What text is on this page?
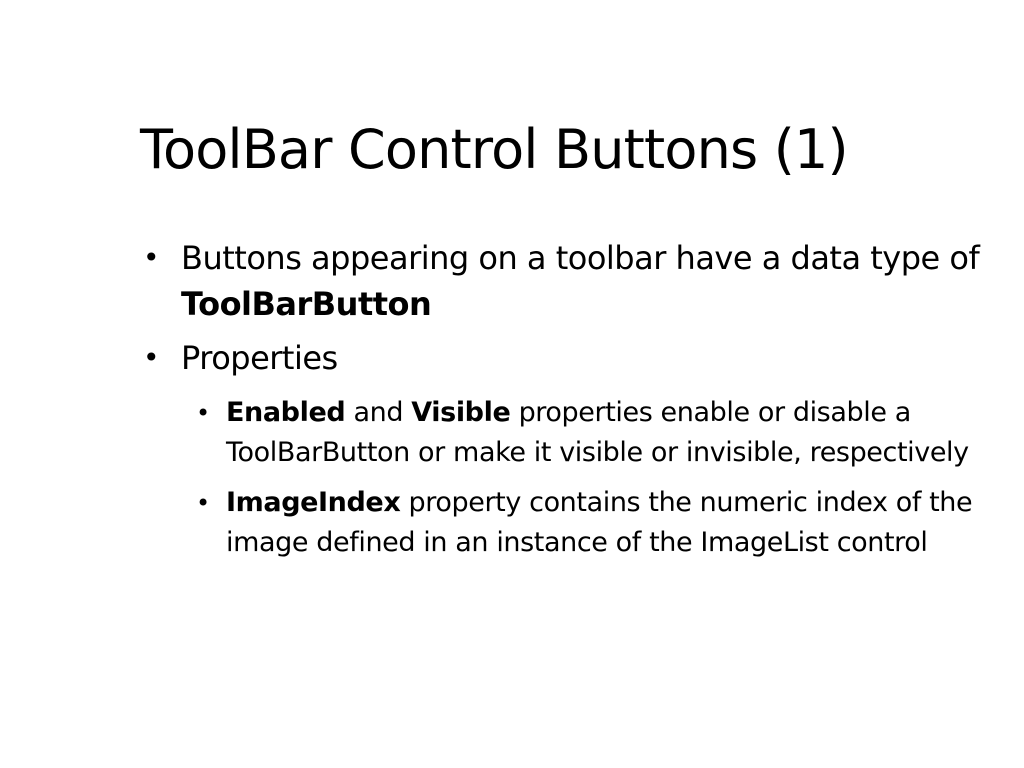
ToolBar Control Buttons (1)
• Buttons appearing on a toolbar have a data type of ToolBarButton
• Properties
• Enabled and Visible properties enable or disable a ToolBarButton or make it visible or invisible, respectively
• ImageIndex property contains the numeric index of the image defined in an instance of the ImageList control
